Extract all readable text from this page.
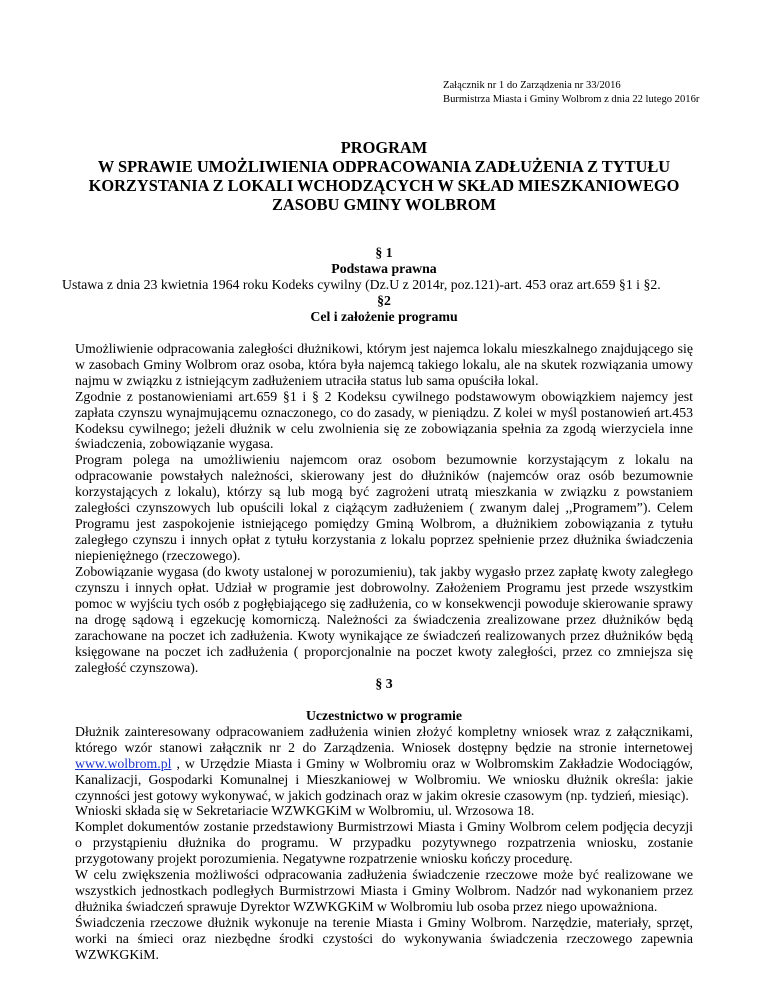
Załącznik nr 1 do Zarządzenia nr 33/2016
Burmistrza Miasta i Gminy Wolbrom z dnia 22 lutego 2016r
PROGRAM
W SPRAWIE UMOŻLIWIENIA ODPRACOWANIA ZADŁUŻENIA Z TYTUŁU
KORZYSTANIA Z LOKALI WCHODZĄCYCH W SKŁAD MIESZKANIOWEGO
ZASOBU GMINY WOLBROM
§ 1
Podstawa prawna
Ustawa z dnia 23 kwietnia 1964 roku Kodeks cywilny (Dz.U z 2014r, poz.121)-art. 453 oraz art.659 §1 i §2.
§2
Cel i założenie programu

Umożliwienie odpracowania zaległości dłużnikowi, którym jest najemca lokalu mieszkalnego znajdującego się w zasobach Gminy Wolbrom oraz osoba, która była najemcą takiego lokalu, ale na skutek rozwiązania umowy najmu w związku z istniejącym zadłużeniem utraciła status lub sama opuściła lokal.

Zgodnie z postanowieniami art.659 §1 i § 2 Kodeksu cywilnego podstawowym obowiązkiem najemcy jest zapłata czynszu wynajmującemu oznaczonego, co do zasady, w pieniądzu. Z kolei w myśl postanowień art.453 Kodeksu cywilnego; jeżeli dłużnik w celu zwolnienia się ze zobowiązania spełnia za zgodą wierzyciela inne świadczenia, zobowiązanie wygasa.

Program polega na umożliwieniu najemcom oraz osobom bezumownie korzystającym z lokalu na odpracowanie powstałych należności, skierowany jest do dłużników (najemców oraz osób bezumownie korzystających z lokalu), którzy są lub mogą być zagrożeni utratą mieszkania w związku z powstaniem zaległości czynszowych lub opuścili lokal z ciążącym zadłużeniem ( zwanym dalej ,,Programem”). Celem Programu jest zaspokojenie istniejącego pomiędzy Gminą Wolbrom, a dłużnikiem zobowiązania z tytułu zaległego czynszu i innych opłat z tytułu korzystania z lokalu poprzez spełnienie przez dłużnika świadczenia niepieniężnego (rzeczowego).

Zobowiązanie wygasa (do kwoty ustalonej w porozumieniu), tak jakby wygasło przez zapłatę kwoty zaległego czynszu i innych opłat. Udział w programie jest dobrowolny. Założeniem Programu jest przede wszystkim pomoc w wyjściu tych osób z pogłębiającego się zadłużenia, co w konsekwencji powoduje skierowanie sprawy na drogę sądową i egzekucję komorniczą. Należności za świadczenia zrealizowane przez dłużników będą zarachowane na poczet ich zadłużenia. Kwoty wynikające ze świadczeń realizowanych przez dłużników będą księgowane na poczet ich zadłużenia ( proporcjonalnie na poczet kwoty zaległości, przez co zmniejsza się zaległość czynszowa).

§ 3
Uczestnictwo w programie

Dłużnik zainteresowany odpracowaniem zadłużenia winien złożyć kompletny wniosek wraz z załącznikami, którego wzór stanowi załącznik nr 2 do Zarządzenia. Wniosek dostępny będzie na stronie internetowej www.wolbrom.pl , w Urzędzie Miasta i Gminy w Wolbromiu oraz w Wolbromskim Zakładzie Wodociągów, Kanalizacji, Gospodarki Komunalnej i Mieszkaniowej w Wolbromiu. We wniosku dłużnik określa: jakie czynności jest gotowy wykonywać, w jakich godzinach oraz w jakim okresie czasowym (np. tydzień, miesiąc).

Wnioski składa się w Sekretariacie WZWKGKiM w Wolbromiu, ul. Wrzosowa 18.

Komplet dokumentów zostanie przedstawiony Burmistrzowi Miasta i Gminy Wolbrom celem podjęcia decyzji o przystąpieniu dłużnika do programu. W przypadku pozytywnego rozpatrzenia wniosku, zostanie przygotowany projekt porozumienia. Negatywne rozpatrzenie wniosku kończy procedurę.

W celu zwiększenia możliwości odpracowania zadłużenia świadczenie rzeczowe może być realizowane we wszystkich jednostkach podległych Burmistrzowi Miasta i Gminy Wolbrom. Nadzór nad wykonaniem przez dłużnika świadczeń sprawuje Dyrektor WZWKGKiM w Wolbromiu lub osoba przez niego upoważniona.

Świadczenia rzeczowe dłużnik wykonuje na terenie Miasta i Gminy Wolbrom. Narzędzie, materiały, sprzęt, worki na śmieci oraz niezbędne środki czystości do wykonywania świadczenia rzeczowego zapewnia WZWKGKiM.
